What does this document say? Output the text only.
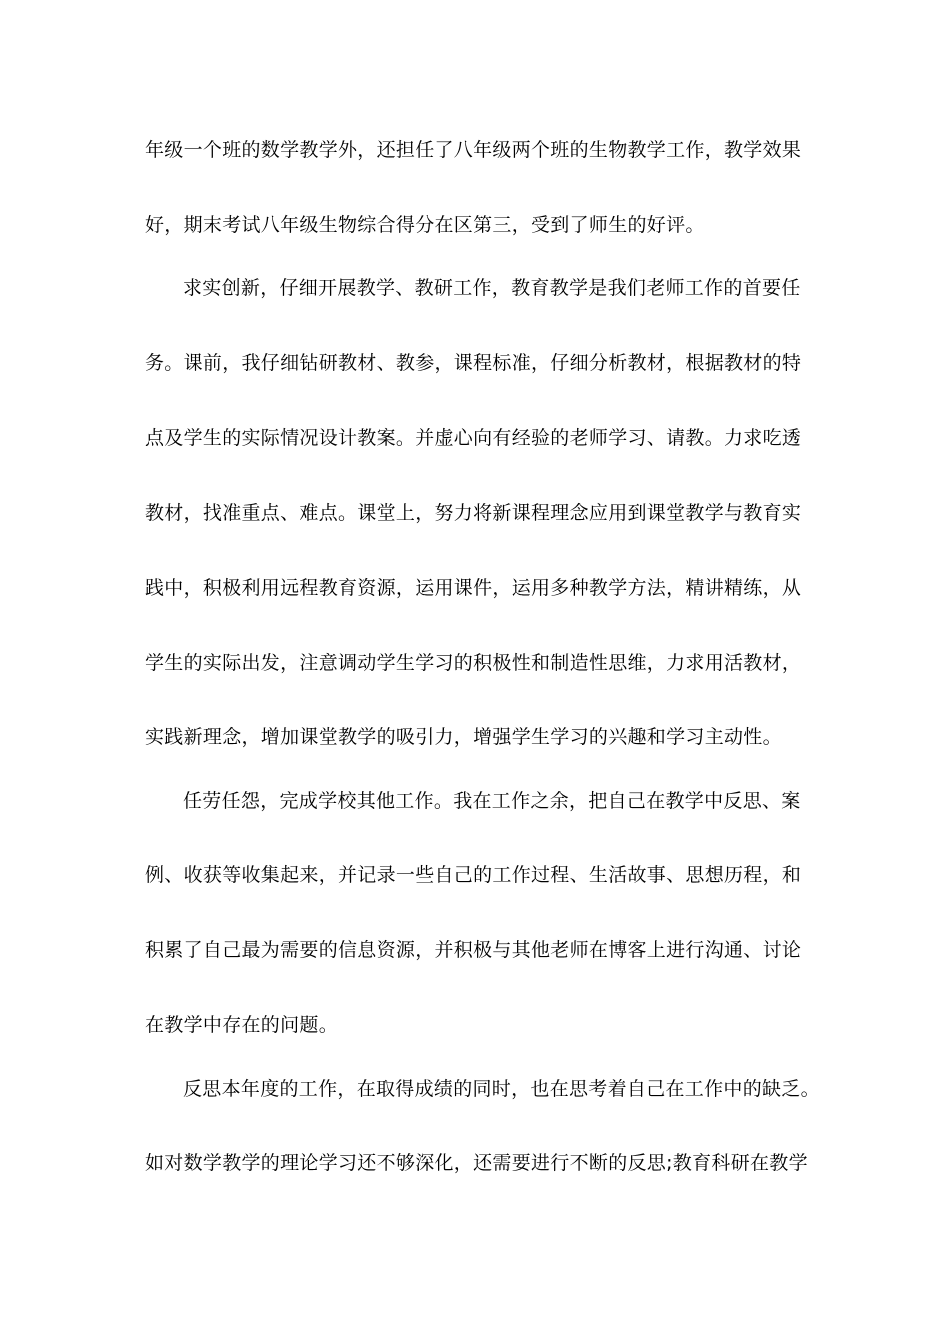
年级一个班的数学教学外，还担任了八年级两个班的生物教学工作，教学效果
好，期末考试八年级生物综合得分在区第三，受到了师生的好评。
求实创新，仔细开展教学、教研工作，教育教学是我们老师工作的首要任
务。课前，我仔细钻研教材、教参，课程标准，仔细分析教材，根据教材的特
点及学生的实际情况设计教案。并虚心向有经验的老师学习、请教。力求吃透
教材，找准重点、难点。课堂上，努力将新课程理念应用到课堂教学与教育实
践中，积极利用远程教育资源，运用课件，运用多种教学方法，精讲精练，从
学生的实际出发，注意调动学生学习的积极性和制造性思维，力求用活教材，
实践新理念，增加课堂教学的吸引力，增强学生学习的兴趣和学习主动性。
任劳任怨，完成学校其他工作。我在工作之余，把自己在教学中反思、案
例、收获等收集起来，并记录一些自己的工作过程、生活故事、思想历程，和
积累了自己最为需要的信息资源，并积极与其他老师在博客上进行沟通、讨论
在教学中存在的问题。
反思本年度的工作，在取得成绩的同时，也在思考着自己在工作中的缺乏。
如对数学教学的理论学习还不够深化，还需要进行不断的反思;教育科研在教学
